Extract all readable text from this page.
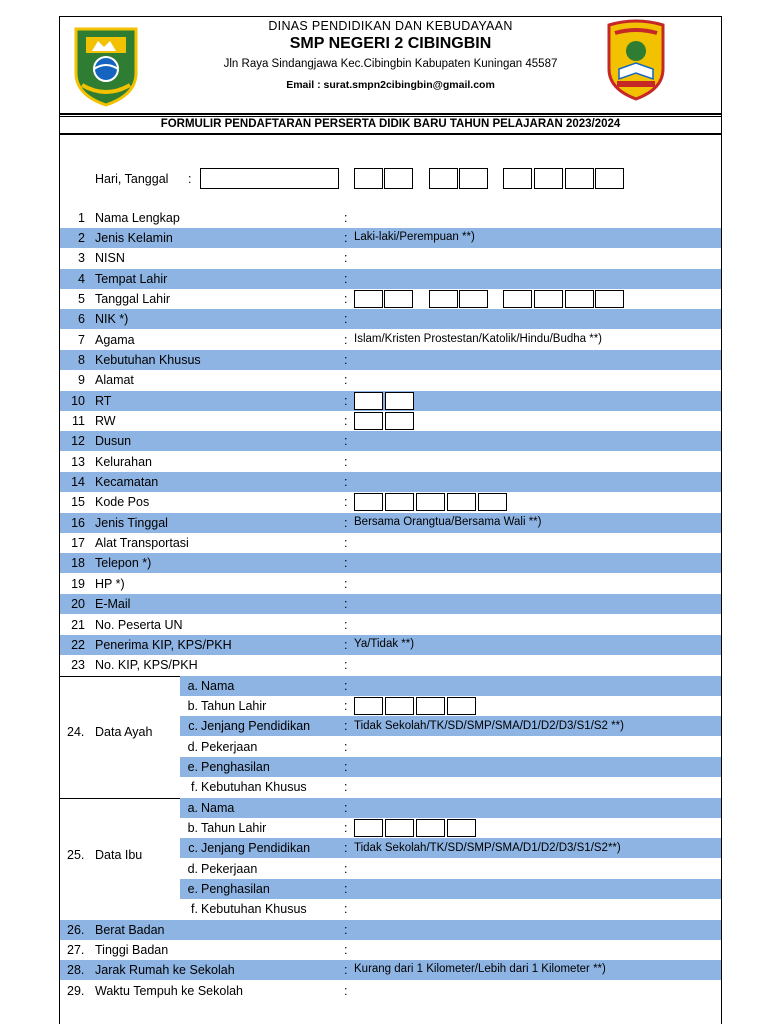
DINAS PENDIDIKAN DAN KEBUDAYAAN
SMP NEGERI 2 CIBINGBIN
Jln Raya Sindangjawa Kec.Cibingbin Kabupaten Kuningan 45587
Email : surat.smpn2cibingbin@gmail.com
FORMULIR PENDAFTARAN PERSERTA DIDIK BARU TAHUN PELAJARAN 2023/2024
Hari, Tanggal :
1 Nama Lengkap	:
2 Jenis Kelamin	: Laki-laki/Perempuan **)
3 NISN	:
4 Tempat Lahir	:
5 Tanggal Lahir	:
6 NIK *)	:
7 Agama	: Islam/Kristen Prostestan/Katolik/Hindu/Budha **)
8 Kebutuhan Khusus	:
9 Alamat	:
10 RT	:
11 RW	:
12 Dusun	:
13 Kelurahan	:
14 Kecamatan	:
15 Kode Pos	:
16 Jenis Tinggal	: Bersama Orangtua/Bersama Wali **)
17 Alat Transportasi	:
18 Telepon *)	:
19 HP *)	:
20 E-Mail	:
21 No. Peserta UN	:
22 Penerima KIP, KPS/PKH	: Ya/Tidak **)
23 No. KIP, KPS/PKH	:
24. Data Ayah
a. Nama	:
b. Tahun Lahir	:
c. Jenjang Pendidikan	: Tidak Sekolah/TK/SD/SMP/SMA/D1/D2/D3/S1/S2 **)
d. Pekerjaan	:
e. Penghasilan	:
f. Kebutuhan Khusus	:
25. Data Ibu
a. Nama	:
b. Tahun Lahir	:
c. Jenjang Pendidikan	: Tidak Sekolah/TK/SD/SMP/SMA/D1/D2/D3/S1/S2**)
d. Pekerjaan	:
e. Penghasilan	:
f. Kebutuhan Khusus	:
26. Berat Badan	:
27. Tinggi Badan	:
28. Jarak Rumah ke Sekolah	: Kurang dari 1 Kilometer/Lebih dari 1 Kilometer **)
29. Waktu Tempuh ke Sekolah	:
